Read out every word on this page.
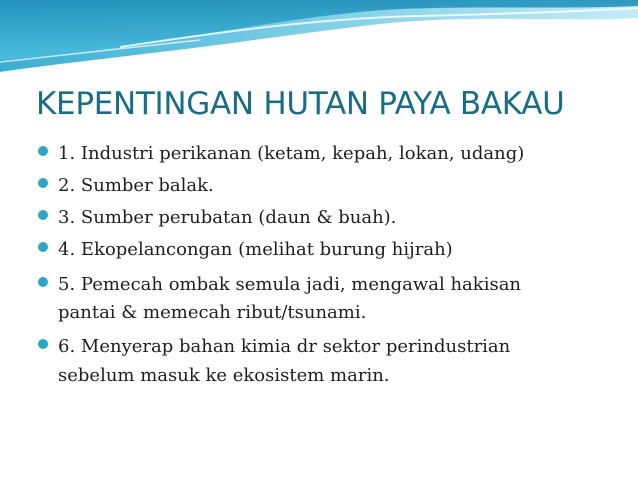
KEPENTINGAN HUTAN PAYA BAKAU
1. Industri perikanan (ketam, kepah, lokan, udang)
2. Sumber balak.
3. Sumber perubatan (daun & buah).
4. Ekopelancongan (melihat burung hijrah)
5. Pemecah ombak semula jadi, mengawal hakisan
pantai & memecah ribut/tsunami.
6. Menyerap bahan kimia dr sektor perindustrian
sebelum masuk ke ekosistem marin.
